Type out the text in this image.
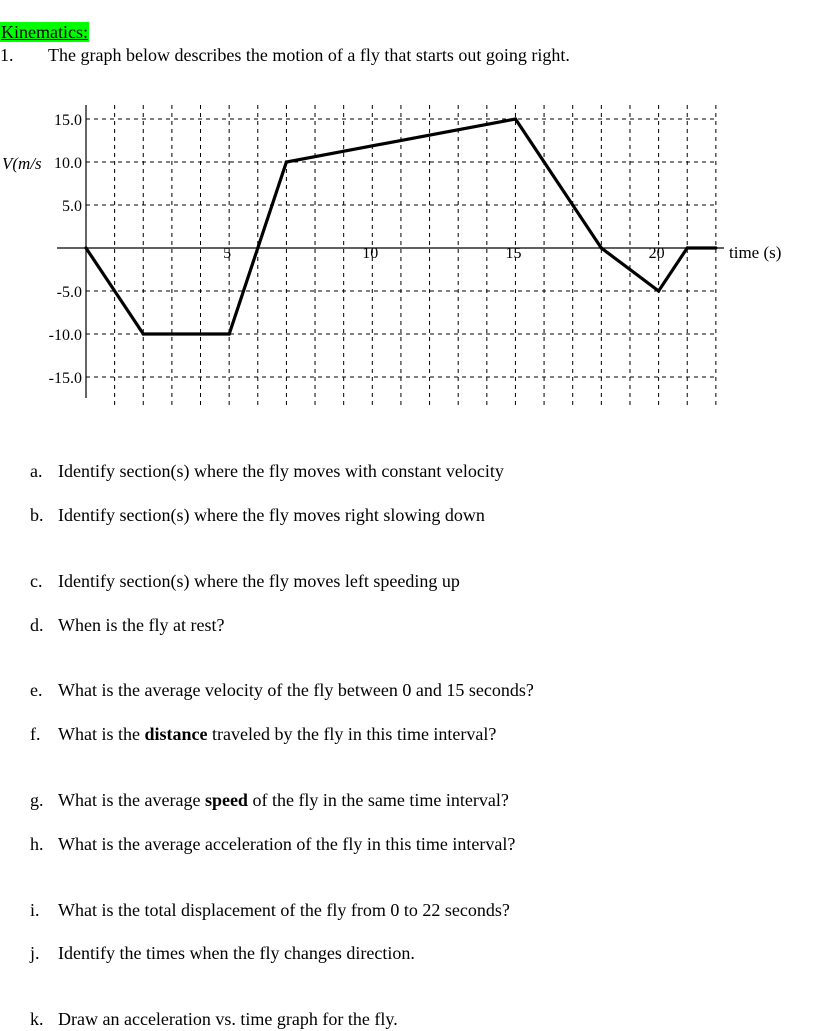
Kinematics:
1. The graph below describes the motion of a fly that starts out going right.
15.0
10.0
5.0
-5.0
-10.0
-15.0
5	10	15	20	time (s)
V(m/s
a. Identify section(s) where the fly moves with constant velocity
b. Identify section(s) where the fly moves right slowing down
c. Identify section(s) where the fly moves left speeding up
d. When is the fly at rest?
e. What is the average velocity of the fly between 0 and 15 seconds?
f. What is the distance traveled by the fly in this time interval?
g. What is the average speed of the fly in the same time interval?
h. What is the average acceleration of the fly in this time interval?
i. What is the total displacement of the fly from 0 to 22 seconds?
j. Identify the times when the fly changes direction.
k. Draw an acceleration vs. time graph for the fly.
